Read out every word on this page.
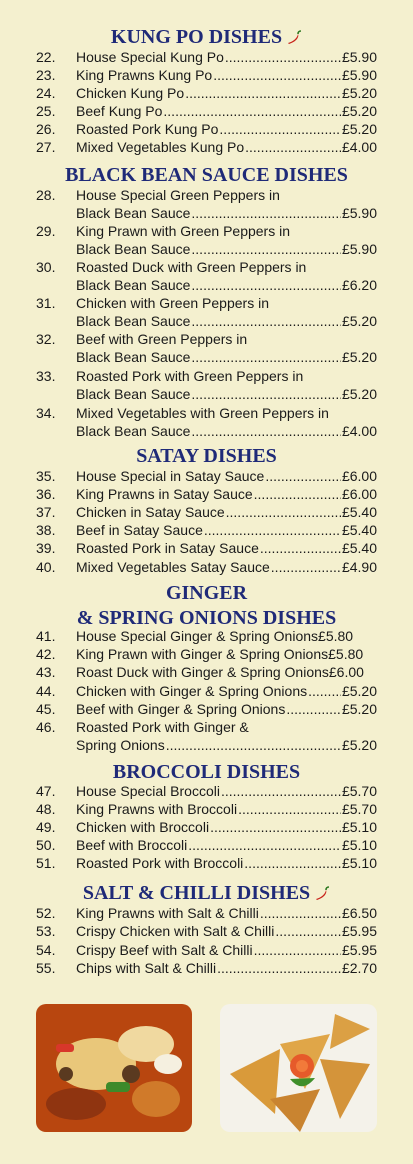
KUNG PO DISHES
22.	House Special Kung Po .....	£5.90
23.	King Prawns Kung Po .....	£5.90
24.	Chicken Kung Po .....	£5.20
25.	Beef Kung Po .....	£5.20
26.	Roasted Pork Kung Po .....	£5.20
27.	Mixed Vegetables Kung Po .....	£4.00
BLACK BEAN SAUCE DISHES
28.	House Special Green Peppers in
Black Bean Sauce .....	£5.90
29.	King Prawn with Green Peppers in
Black Bean Sauce .....	£5.90
30.	Roasted Duck with Green Peppers in
Black Bean Sauce .....	£6.20
31.	Chicken with Green Peppers in
Black Bean Sauce .....	£5.20
32.	Beef with Green Peppers in
Black Bean Sauce .....	£5.20
33.	Roasted Pork with Green Peppers in
Black Bean Sauce .....	£5.20
34.	Mixed Vegetables with Green Peppers in
Black Bean Sauce .....	£4.00
SATAY DISHES
35.	House Special in Satay Sauce .....	£6.00
36.	King Prawns in Satay Sauce .....	£6.00
37.	Chicken in Satay Sauce .....	£5.40
38.	Beef in Satay Sauce .....	£5.40
39.	Roasted Pork in Satay Sauce .....	£5.40
40.	Mixed Vegetables Satay Sauce .....	£4.90
GINGER
& SPRING ONIONS DISHES
41.	House Special Ginger & Spring Onions £5.80
42.	King Prawn with Ginger & Spring Onions £5.80
43.	Roast Duck with Ginger & Spring Onions £6.00
44.	Chicken with Ginger & Spring Onions ..... £5.20
45.	Beef with Ginger & Spring Onions .....	£5.20
46.	Roasted Pork with Ginger &
Spring Onions .....	£5.20
BROCCOLI DISHES
47.	House Special Broccoli .....	£5.70
48.	King Prawns with Broccoli .....	£5.70
49.	Chicken with Broccoli .....	£5.10
50.	Beef with Broccoli .....	£5.10
51.	Roasted Pork with Broccoli .....	£5.10
SALT & CHILLI DISHES
52.	King Prawns with Salt & Chilli .....	£6.50
53.	Crispy Chicken with Salt & Chilli .....	£5.95
54.	Crispy Beef with Salt & Chilli .....	£5.95
55.	Chips with Salt & Chilli .....	£2.70
